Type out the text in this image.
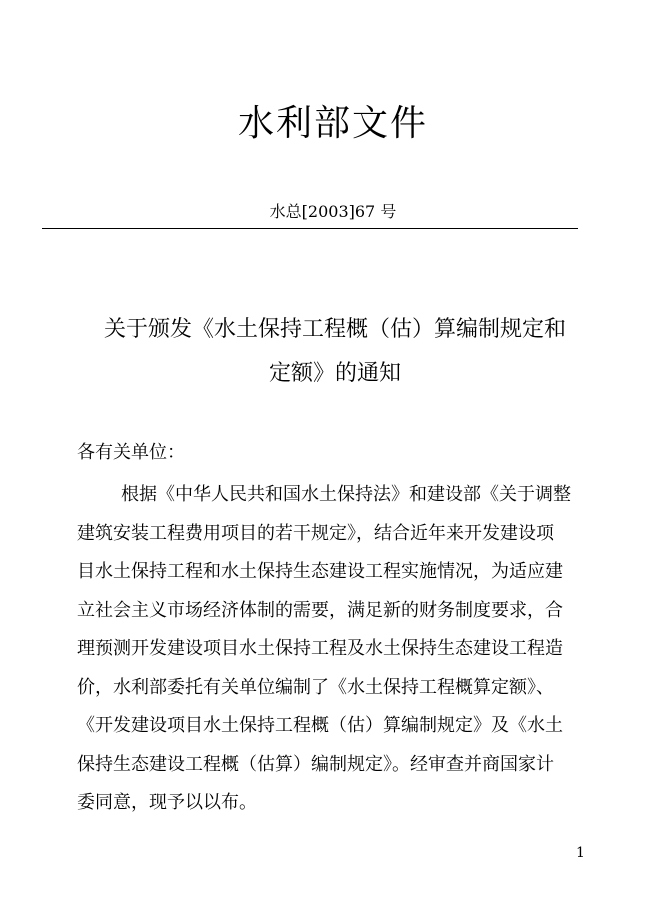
水利部文件
水总[2003]67 号
关于颁发《水土保持工程概（估）算编制规定和
定额》的通知
各有关单位：
根据《中华人民共和国水土保持法》和建设部《关于调整
建筑安装工程费用项目的若干规定》，结合近年来开发建设项
目水土保持工程和水土保持生态建设工程实施情况，为适应建
立社会主义市场经济体制的需要，满足新的财务制度要求，合
理预测开发建设项目水土保持工程及水土保持生态建设工程造
价，水利部委托有关单位编制了《水土保持工程概算定额》、
《开发建设项目水土保持工程概（估）算编制规定》及《水土
保持生态建设工程概（估算）编制规定》。经审查并商国家计
委同意，现予以以布。
1
